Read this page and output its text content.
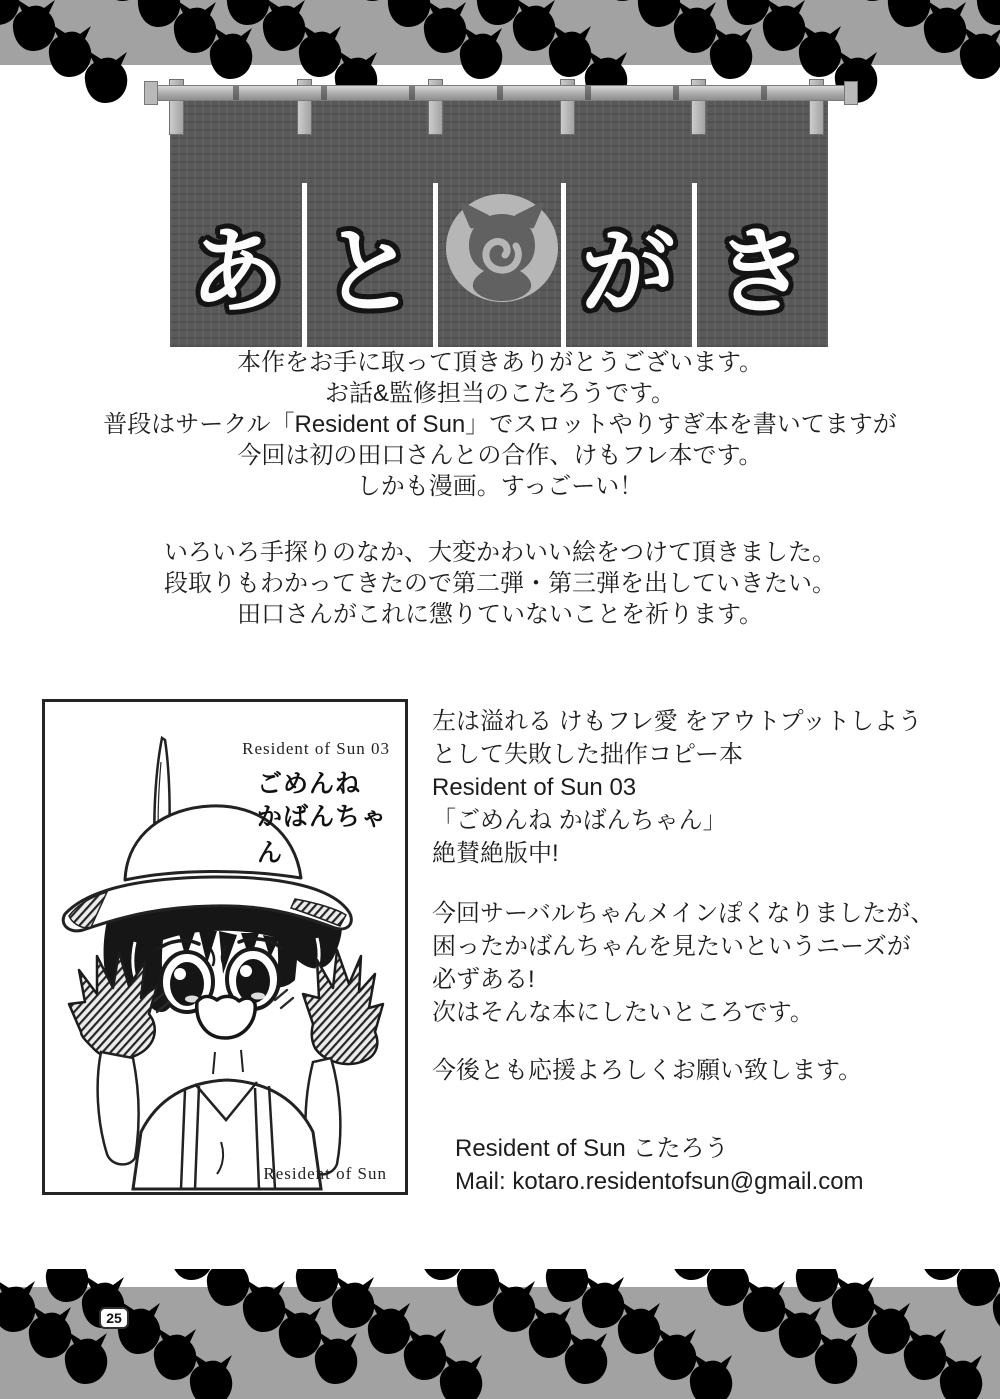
あ と が き
本作をお手に取って頂きありがとうございます。
お話&監修担当のこたろうです。
普段はサークル「Resident of Sun」でスロットやりすぎ本を書いてますが
今回は初の田口さんとの合作、けもフレ本です。
しかも漫画。すっごーい！
いろいろ手探りのなか、大変かわいい絵をつけて頂きました。
段取りもわかってきたので第二弾・第三弾を出していきたい。
田口さんがこれに懲りていないことを祈ります。
Resident of Sun 03
ごめんね
かばんちゃん
Resident of Sun
左は溢れる けもフレ愛 をアウトプットしよう
として失敗した拙作コピー本
Resident of Sun 03
「ごめんね かばんちゃん」
絶賛絶版中!
今回サーバルちゃんメインぽくなりましたが、
困ったかばんちゃんを見たいというニーズが
必ずある!
次はそんな本にしたいところです。
今後とも応援よろしくお願い致します。
Resident of Sun こたろう
Mail: kotaro.residentofsun@gmail.com
25
